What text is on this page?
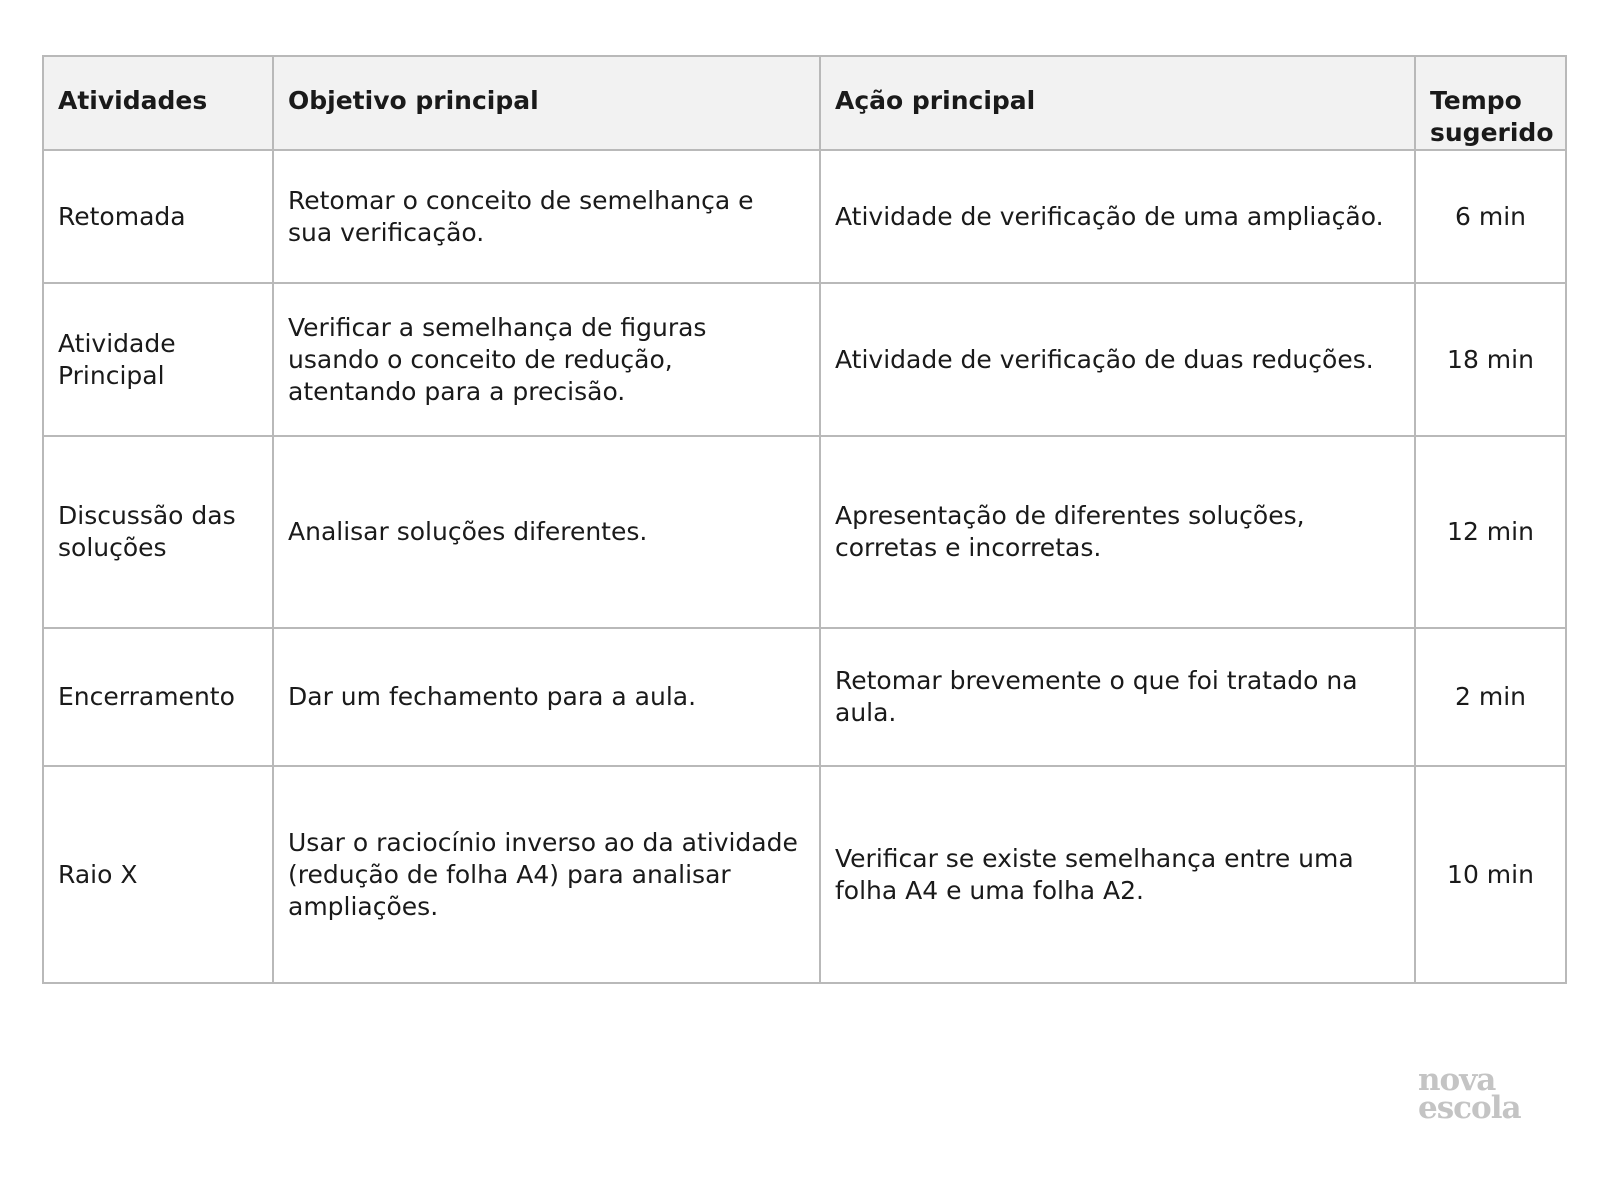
Atividades	Objetivo principal	Ação principal	Tempo sugerido
Retomada	Retomar o conceito de semelhança e sua verificação.	Atividade de verificação de uma ampliação.	6 min
Atividade Principal	Verificar a semelhança de figuras usando o conceito de redução, atentando para a precisão.	Atividade de verificação de duas reduções.	18 min
Discussão das soluções	Analisar soluções diferentes.	Apresentação de diferentes soluções, corretas e incorretas.	12 min
Encerramento	Dar um fechamento para a aula.	Retomar brevemente o que foi tratado na aula.	2 min
Raio X	Usar o raciocínio inverso ao da atividade (redução de folha A4) para analisar ampliações.	Verificar se existe semelhança entre uma folha A4 e uma folha A2.	10 min
nova
escola
